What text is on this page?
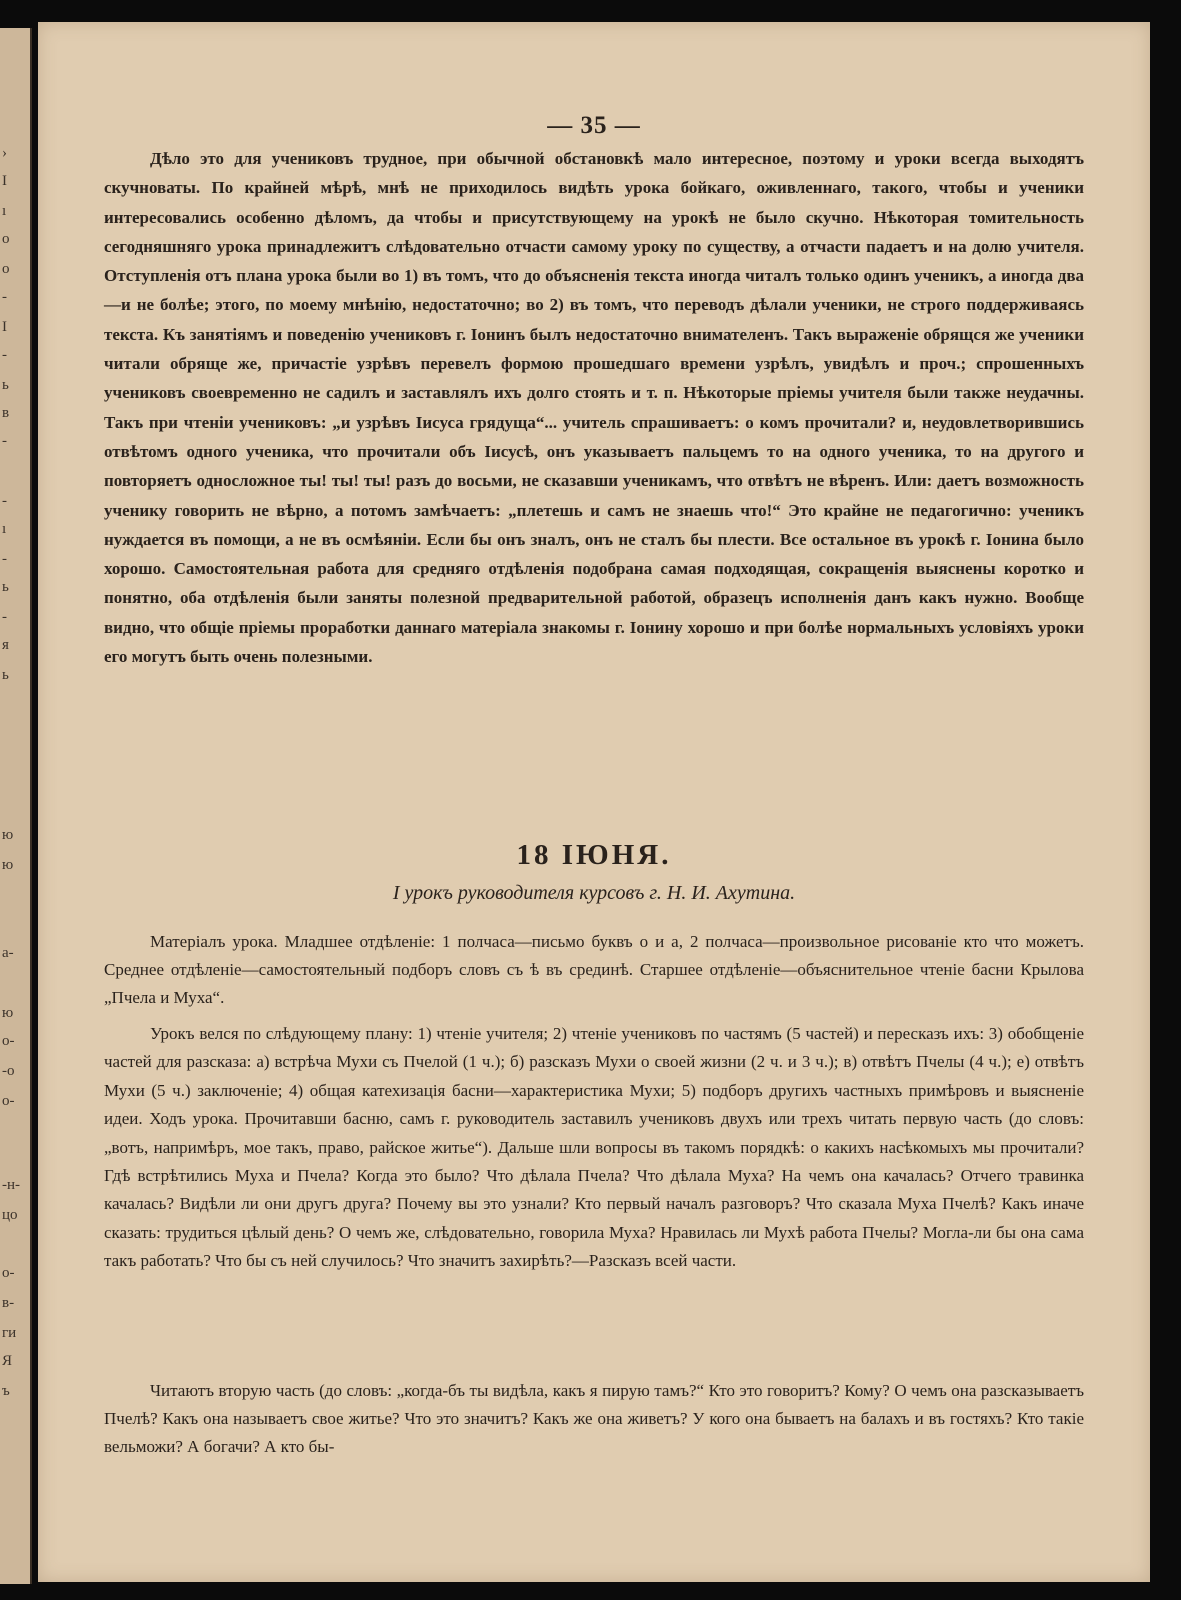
›
I
ı
о
о
-
I
-
ь
в
-
-
ı
-
ь
-
я
ь
ю
ю
а-
ю
о-
-о
о-
-н-
цо
о-
в-
ги
Я
ъ
— 35 —

Дѣло это для учениковъ трудное, при обычной обстановкѣ мало интересное, поэтому и уроки всегда выходятъ скучноваты. По крайней мѣрѣ, мнѣ не приходилось видѣть урока бойкаго, оживленнаго, такого, чтобы и ученики интересовались особенно дѣломъ, да чтобы и присутствующему на урокѣ не было скучно. Нѣкоторая томительность сегодняшняго урока принадлежитъ слѣдовательно отчасти самому уроку по существу, а отчасти падаетъ и на долю учителя. Отступленія отъ плана урока были во 1) въ томъ, что до объясненія текста иногда читалъ только одинъ ученикъ, а иногда два—и не болѣе; этого, по моему мнѣнію, недостаточно; во 2) въ томъ, что переводъ дѣлали ученики, не строго поддерживаясь текста. Къ занятіямъ и поведенію учениковъ г. Іонинъ былъ недостаточно внимателенъ. Такъ выраженіе обрящся же ученики читали обряще же, причастіе узрѣвъ перевелъ формою прошедшаго времени узрѣлъ, увидѣлъ и проч.; спрошенныхъ учениковъ своевременно не садилъ и заставлялъ ихъ долго стоять и т. п. Нѣкоторые пріемы учителя были также неудачны. Такъ при чтеніи учениковъ: „и узрѣвъ Іисуса грядуща“... учитель спрашиваетъ: о комъ прочитали? и, неудовлетворившись отвѣтомъ одного ученика, что прочитали объ Іисусѣ, онъ указываетъ пальцемъ то на одного ученика, то на другого и повторяетъ односложное ты! ты! ты! разъ до восьми, не сказавши ученикамъ, что отвѣтъ не вѣренъ. Или: даетъ возможность ученику говорить не вѣрно, а потомъ замѣчаетъ: „плетешь и самъ не знаешь что!“ Это крайне не педагогично: ученикъ нуждается въ помощи, а не въ осмѣяніи. Если бы онъ зналъ, онъ не сталъ бы плести. Все остальное въ урокѣ г. Іонина было хорошо. Самостоятельная работа для средняго отдѣленія подобрана самая подходящая, сокращенія выяснены коротко и понятно, оба отдѣленія были заняты полезной предварительной работой, образецъ исполненія данъ какъ нужно. Вообще видно, что общіе пріемы проработки даннаго матеріала знакомы г. Іонину хорошо и при болѣе нормальныхъ условіяхъ уроки его могутъ быть очень полезными.

18 ІЮНЯ.
I урокъ руководителя курсовъ г. Н. И. Ахутина.

Матеріалъ урока. Младшее отдѣленіе: 1 полчаса—письмо буквъ о и а, 2 полчаса—произвольное рисованіе кто что можетъ. Среднее отдѣленіе—самостоятельный подборъ словъ съ ѣ въ срединѣ. Старшее отдѣленіе—объяснительное чтеніе басни Крылова „Пчела и Муха“.

Урокъ велся по слѣдующему плану: 1) чтеніе учителя; 2) чтеніе учениковъ по частямъ (5 частей) и пересказъ ихъ: 3) обобщеніе частей для разсказа: а) встрѣча Мухи съ Пчелой (1 ч.); б) разсказъ Мухи о своей жизни (2 ч. и 3 ч.); в) отвѣтъ Пчелы (4 ч.); е) отвѣтъ Мухи (5 ч.) заключеніе; 4) общая катехизація басни—характеристика Мухи; 5) подборъ другихъ частныхъ примѣровъ и выясненіе идеи. Ходъ урока. Прочитавши басню, самъ г. руководитель заставилъ учениковъ двухъ или трехъ читать первую часть (до словъ: „вотъ, напримѣръ, мое такъ, право, райское житье“). Дальше шли вопросы въ такомъ порядкѣ: о какихъ насѣкомыхъ мы прочитали? Гдѣ встрѣтились Муха и Пчела? Когда это было? Что дѣлала Пчела? Что дѣлала Муха? На чемъ она качалась? Отчего травинка качалась? Видѣли ли они другъ друга? Почему вы это узнали? Кто первый началъ разговоръ? Что сказала Муха Пчелѣ? Какъ иначе сказать: трудиться цѣлый день? О чемъ же, слѣдовательно, говорила Муха? Нравилась ли Мухѣ работа Пчелы? Могла-ли бы она сама такъ работать? Что бы съ ней случилось? Что значитъ захирѣть?—Разсказъ всей части.

Читаютъ вторую часть (до словъ: „когда-бъ ты видѣла, какъ я пирую тамъ?“ Кто это говоритъ? Кому? О чемъ она разсказываетъ Пчелѣ? Какъ она называетъ свое житье? Что это значитъ? Какъ же она живетъ? У кого она бываетъ на балахъ и въ гостяхъ? Кто такіе вельможи? А богачи? А кто бы-
